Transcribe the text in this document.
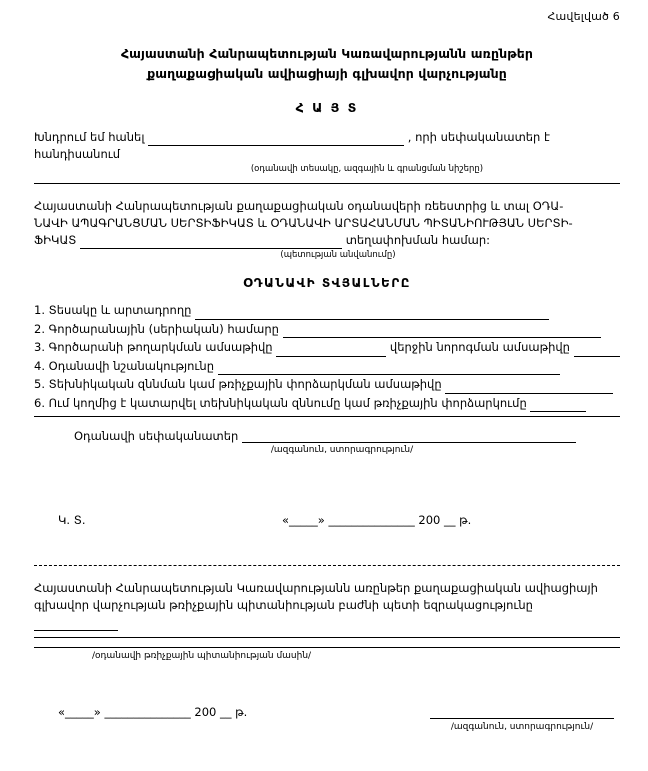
Հավելված 6
Հայաստանի Հանրապետության Կառավարությանն առընթեր
քաղաքացիական ավիացիայի գլխավոր վարչությանը
Հ Ա Յ Տ
Խնդրում եմ հանել	, որի սեփականատեր է հանդիսանում
(օդանավի տեսակը, ազգային և գրանցման նիշերը)
Հայաստանի Հանրապետության քաղաքացիական օդանավերի ռեեստրից և տալ ՕԴԱ-
ՆԱՎԻ ԱՊԱԳՐԱՆՑՄԱՆ ՍԵՐՏԻՖԻԿԱՏ և ՕԴԱՆԱՎԻ ԱՐՏԱՀԱՆՄԱՆ ՊԻՏԱՆԻՈՒԹՅԱՆ ՍԵՐՏԻ-
ՖԻԿԱՏ	տեղափոխման համար:
(պետության անվանումը)
ՕԴԱՆԱՎԻ ՏՎՅԱԼՆԵՐԸ
1. Տեսակը և արտադրողը
2. Գործարանային (սերիական) համարը
3. Գործարանի թողարկման ամսաթիվը	վերջին նորոգման ամսաթիվը
4. Օդանավի նշանակությունը
5. Տեխնիկական զննման կամ թռիչքային փորձարկման ամսաթիվը
6. Ում կողմից է կատարվել տեխնիկական զննումը կամ թռիչքային փորձարկումը
Օդանավի սեփականատեր
/ազգանուն, ստորագրություն/
Կ. Տ.	«_____» _______________ 200 __ թ.
Հայաստանի Հանրապետության Կառավարությանն առընթեր քաղաքացիական ավիացիայի
գլխավոր վարչության թռիչքային պիտանիության բաժնի պետի եզրակացությունը
/օդանավի թռիչքային պիտանիության մասին/
«_____» _______________ 200 __ թ.
/ազգանուն, ստորագրություն/
